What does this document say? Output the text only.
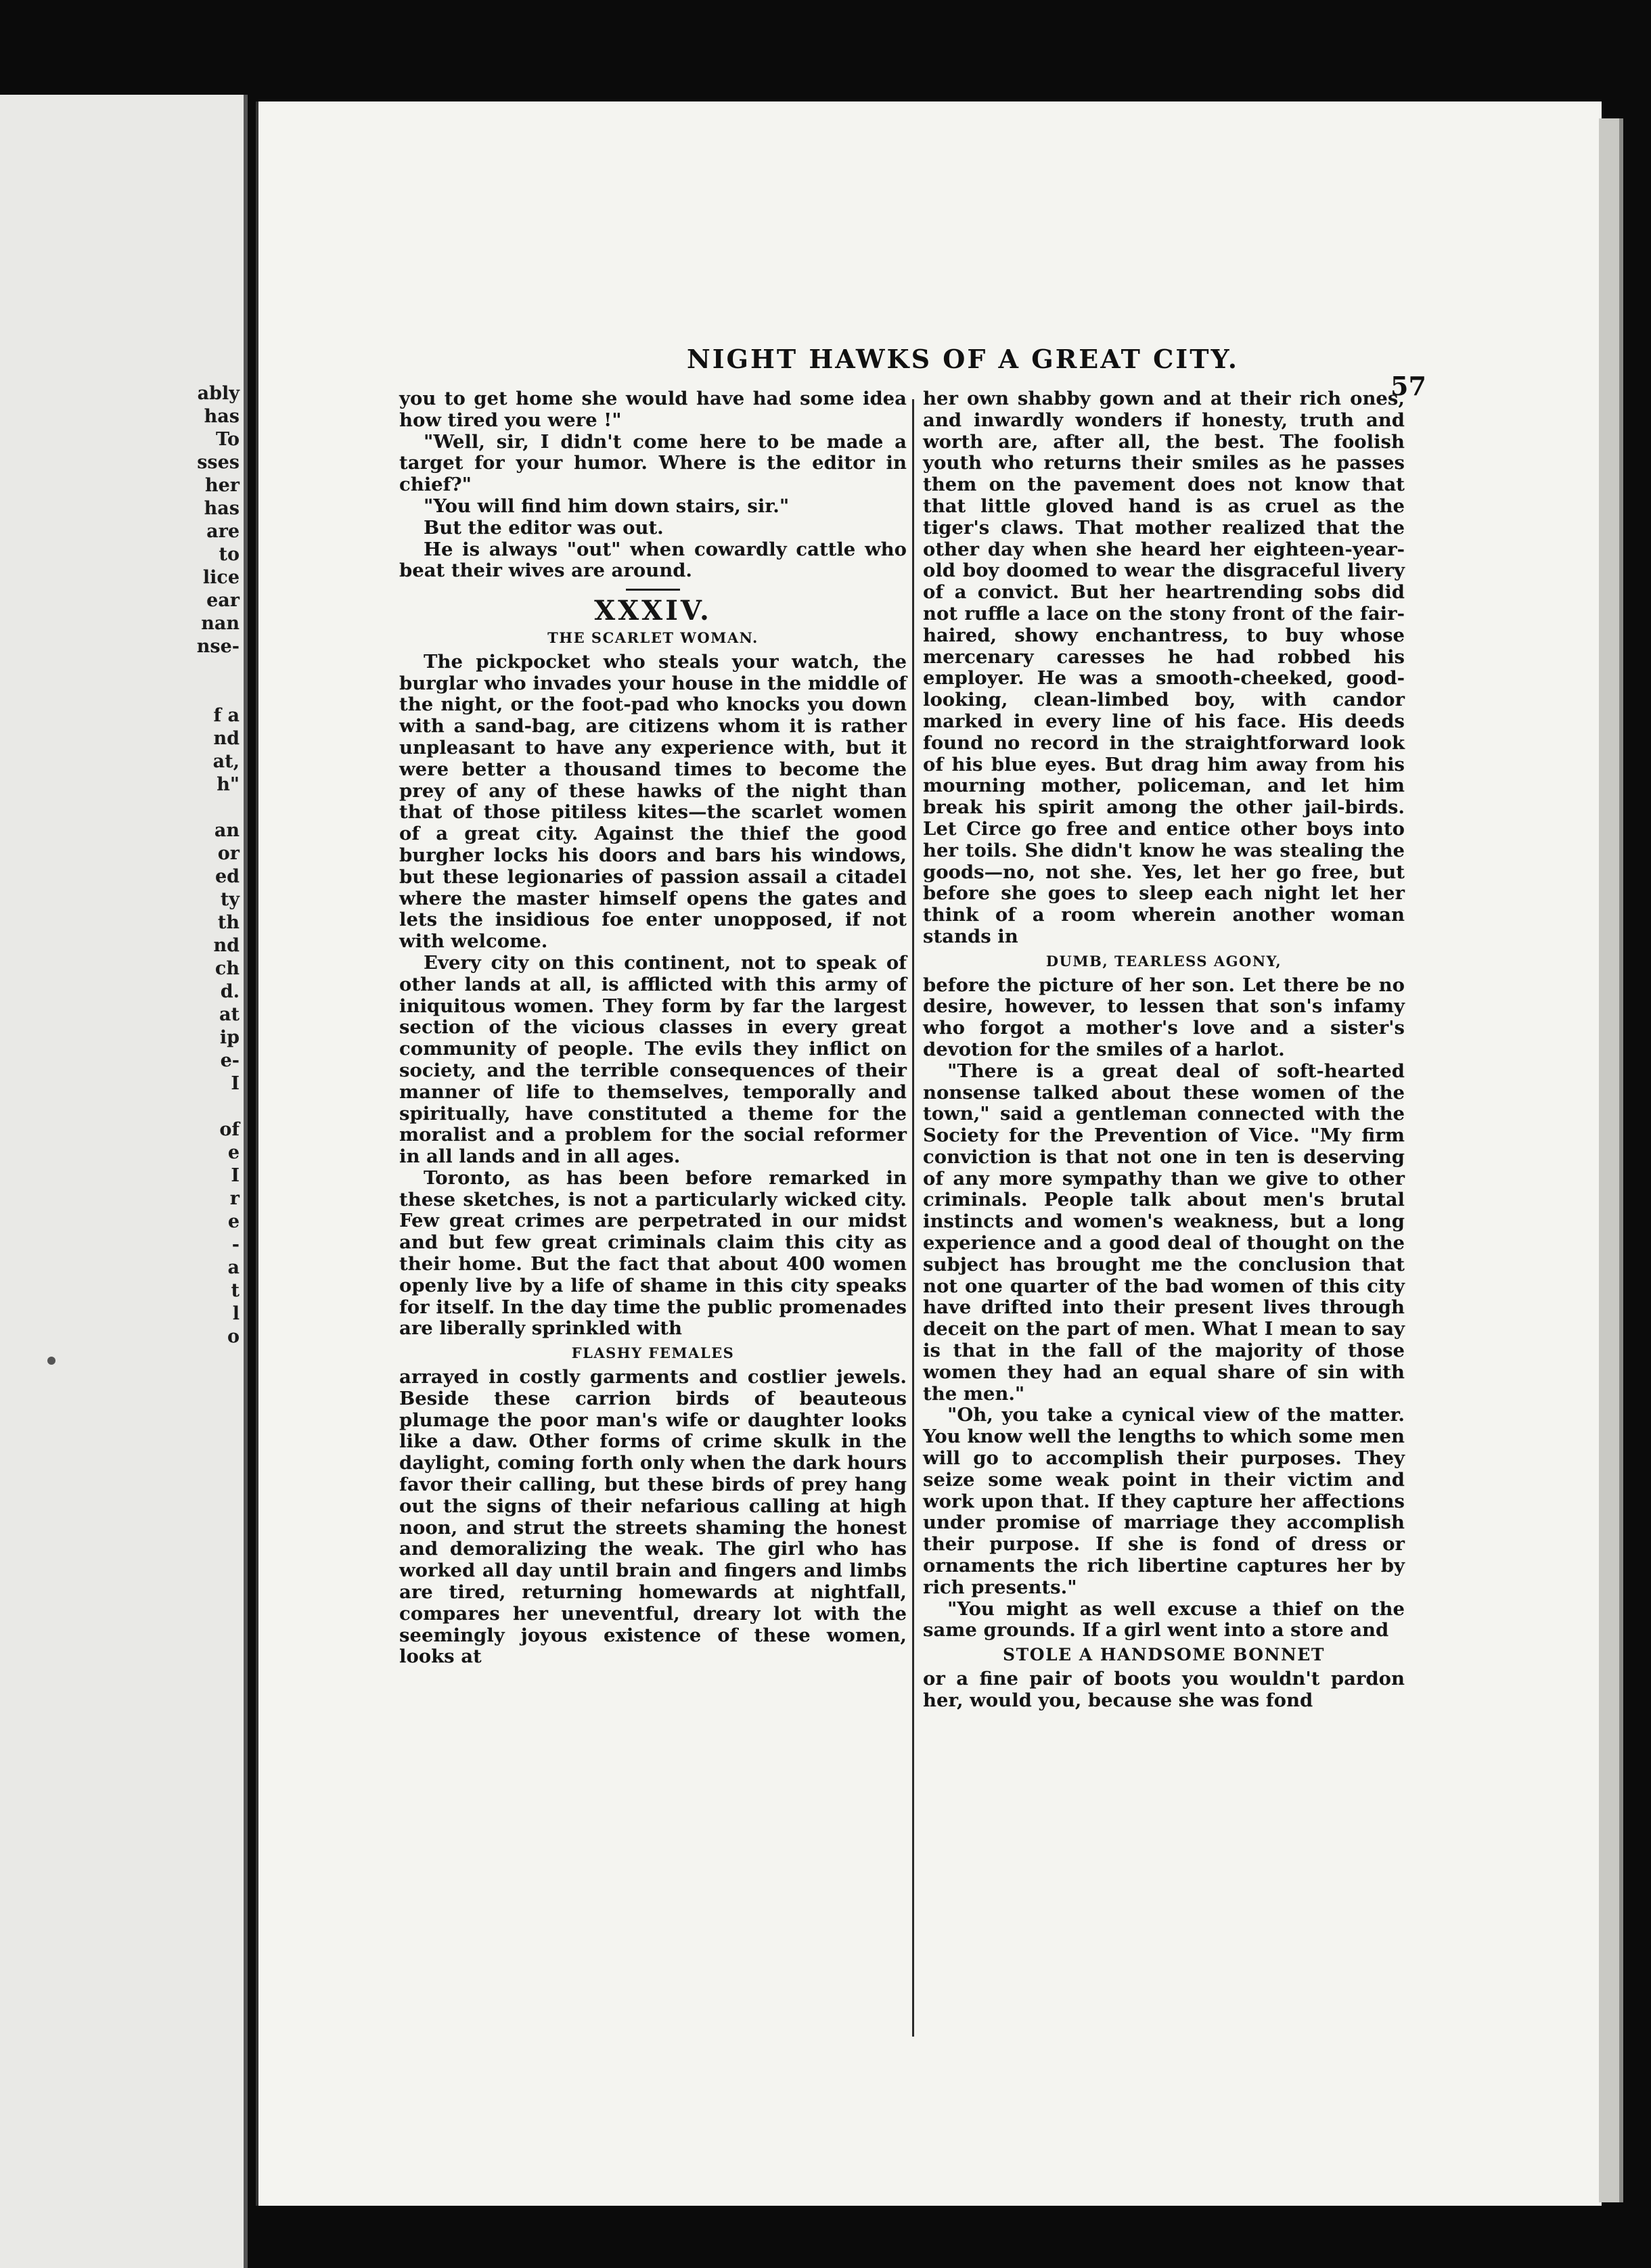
ably
has
To
sses
her
has
are
to
lice
ear
nan
nse-
f a
nd
at,
h"
an
or
ed
ty
th
nd
ch
d.
at
ip
e-
I
of
e
I
r
e
-
a
t
l
o
NIGHT HAWKS OF A GREAT CITY.
57

you to get home she would have had some idea how tired you were !"

"Well, sir, I didn't come here to be made a target for your humor. Where is the editor in chief?"

"You will find him down stairs, sir."

But the editor was out.

He is always "out" when cowardly cattle who beat their wives are around.

XXXIV.

THE SCARLET WOMAN.

The pickpocket who steals your watch, the burglar who invades your house in the middle of the night, or the foot-pad who knocks you down with a sand-bag, are citizens whom it is rather unpleasant to have any experience with, but it were better a thousand times to become the prey of any of these hawks of the night than that of those pitiless kites—the scarlet women of a great city. Against the thief the good burgher locks his doors and bars his windows, but these legionaries of passion assail a citadel where the master himself opens the gates and lets the insidious foe enter unopposed, if not with welcome.

Every city on this continent, not to speak of other lands at all, is afflicted with this army of iniquitous women. They form by far the largest section of the vicious classes in every great community of people. The evils they inflict on society, and the terrible consequences of their manner of life to themselves, temporally and spiritually, have constituted a theme for the moralist and a problem for the social reformer in all lands and in all ages.

Toronto, as has been before remarked in these sketches, is not a particularly wicked city. Few great crimes are perpetrated in our midst and but few great criminals claim this city as their home. But the fact that about 400 women openly live by a life of shame in this city speaks for itself. In the day time the public promenades are liberally sprinkled with

FLASHY FEMALES

arrayed in costly garments and costlier jewels. Beside these carrion birds of beauteous plumage the poor man's wife or daughter looks like a daw. Other forms of crime skulk in the daylight, coming forth only when the dark hours favor their calling, but these birds of prey hang out the signs of their nefarious calling at high noon, and strut the streets shaming the honest and demoralizing the weak. The girl who has worked all day until brain and fingers and limbs are tired, returning homewards at nightfall, compares her uneventful, dreary lot with the seemingly joyous existence of these women, looks at

her own shabby gown and at their rich ones, and inwardly wonders if honesty, truth and worth are, after all, the best. The foolish youth who returns their smiles as he passes them on the pavement does not know that that little gloved hand is as cruel as the tiger's claws. That mother realized that the other day when she heard her eighteen-year-old boy doomed to wear the disgraceful livery of a convict. But her heartrending sobs did not ruffle a lace on the stony front of the fair-haired, showy enchantress, to buy whose mercenary caresses he had robbed his employer. He was a smooth-cheeked, good-looking, clean-limbed boy, with candor marked in every line of his face. His deeds found no record in the straightforward look of his blue eyes. But drag him away from his mourning mother, policeman, and let him break his spirit among the other jail-birds. Let Circe go free and entice other boys into her toils. She didn't know he was stealing the goods—no, not she. Yes, let her go free, but before she goes to sleep each night let her think of a room wherein another woman stands in

DUMB, TEARLESS AGONY,

before the picture of her son. Let there be no desire, however, to lessen that son's infamy who forgot a mother's love and a sister's devotion for the smiles of a harlot.

"There is a great deal of soft-hearted nonsense talked about these women of the town," said a gentleman connected with the Society for the Prevention of Vice. "My firm conviction is that not one in ten is deserving of any more sympathy than we give to other criminals. People talk about men's brutal instincts and women's weakness, but a long experience and a good deal of thought on the subject has brought me the conclusion that not one quarter of the bad women of this city have drifted into their present lives through deceit on the part of men. What I mean to say is that in the fall of the majority of those women they had an equal share of sin with the men."

"Oh, you take a cynical view of the matter. You know well the lengths to which some men will go to accomplish their purposes. They seize some weak point in their victim and work upon that. If they capture her affections under promise of marriage they accomplish their purpose. If she is fond of dress or ornaments the rich libertine captures her by rich presents."

"You might as well excuse a thief on the same grounds. If a girl went into a store and

STOLE A HANDSOME BONNET

or a fine pair of boots you wouldn't pardon her, would you, because she was fond
